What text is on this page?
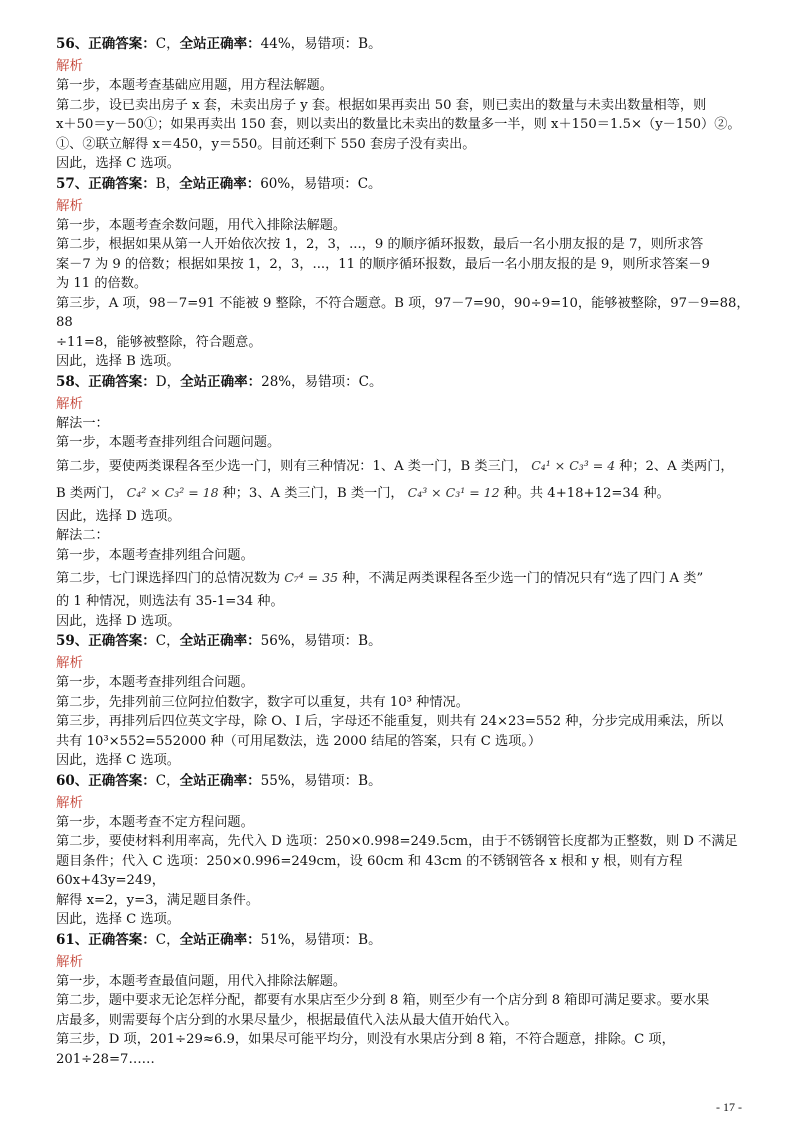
56、正确答案：C，全站正确率：44%，易错项：B。

解析

第一步，本题考查基础应用题，用方程法解题。

第二步，设已卖出房子 x 套，未卖出房子 y 套。根据如果再卖出 50 套，则已卖出的数量与未卖出数量相等，则

x＋50＝y－50①；如果再卖出 150 套，则以卖出的数量比未卖出的数量多一半，则 x＋150＝1.5×（y－150）②。

①、②联立解得 x＝450，y＝550。目前还剩下 550 套房子没有卖出。

因此，选择 C 选项。

57、正确答案：B，全站正确率：60%，易错项：C。

解析

第一步，本题考查余数问题，用代入排除法解题。

第二步，根据如果从第一人开始依次按 1，2，3，...，9 的顺序循环报数，最后一名小朋友报的是 7，则所求答

案－7 为 9 的倍数；根据如果按 1，2，3，...，11 的顺序循环报数，最后一名小朋友报的是 9，则所求答案－9

为 11 的倍数。

第三步，A 项，98－7=91 不能被 9 整除，不符合题意。B 项，97－7=90，90÷9=10，能够被整除，97－9=88，88

÷11=8，能够被整除，符合题意。

因此，选择 B 选项。

58、正确答案：D，全站正确率：28%，易错项：C。

解析

解法一：

第一步，本题考查排列组合问题问题。

第二步，要使两类课程各至少选一门，则有三种情况：1、A 类一门，B 类三门， C₄¹ × C₃³ = 4 种；2、A 类两门，

B 类两门， C₄² × C₃² = 18 种；3、A 类三门，B 类一门， C₄³ × C₃¹ = 12 种。共 4+18+12=34 种。

因此，选择 D 选项。

解法二：

第一步，本题考查排列组合问题。

第二步，七门课选择四门的总情况数为 C₇⁴ = 35 种，不满足两类课程各至少选一门的情况只有“选了四门 A 类”

的 1 种情况，则选法有 35-1=34 种。

因此，选择 D 选项。

59、正确答案：C，全站正确率：56%，易错项：B。

解析

第一步，本题考查排列组合问题。

第二步，先排列前三位阿拉伯数字，数字可以重复，共有 10³ 种情况。

第三步，再排列后四位英文字母，除 O、I 后，字母还不能重复，则共有 24×23=552 种，分步完成用乘法，所以

共有 10³×552=552000 种（可用尾数法，选 2000 结尾的答案，只有 C 选项。）

因此，选择 C 选项。

60、正确答案：C，全站正确率：55%，易错项：B。

解析

第一步，本题考查不定方程问题。

第二步，要使材料利用率高，先代入 D 选项：250×0.998=249.5cm，由于不锈钢管长度都为正整数，则 D 不满足

题目条件；代入 C 选项：250×0.996=249cm，设 60cm 和 43cm 的不锈钢管各 x 根和 y 根，则有方程 60x+43y=249，

解得 x=2，y=3，满足题目条件。

因此，选择 C 选项。

61、正确答案：C，全站正确率：51%，易错项：B。

解析

第一步，本题考查最值问题，用代入排除法解题。

第二步，题中要求无论怎样分配，都要有水果店至少分到 8 箱，则至少有一个店分到 8 箱即可满足要求。要水果

店最多，则需要每个店分到的水果尽量少，根据最值代入法从最大值开始代入。

第三步，D 项，201÷29≈6.9，如果尽可能平均分，则没有水果店分到 8 箱，不符合题意，排除。C 项，201÷28=7……

- 17 -
